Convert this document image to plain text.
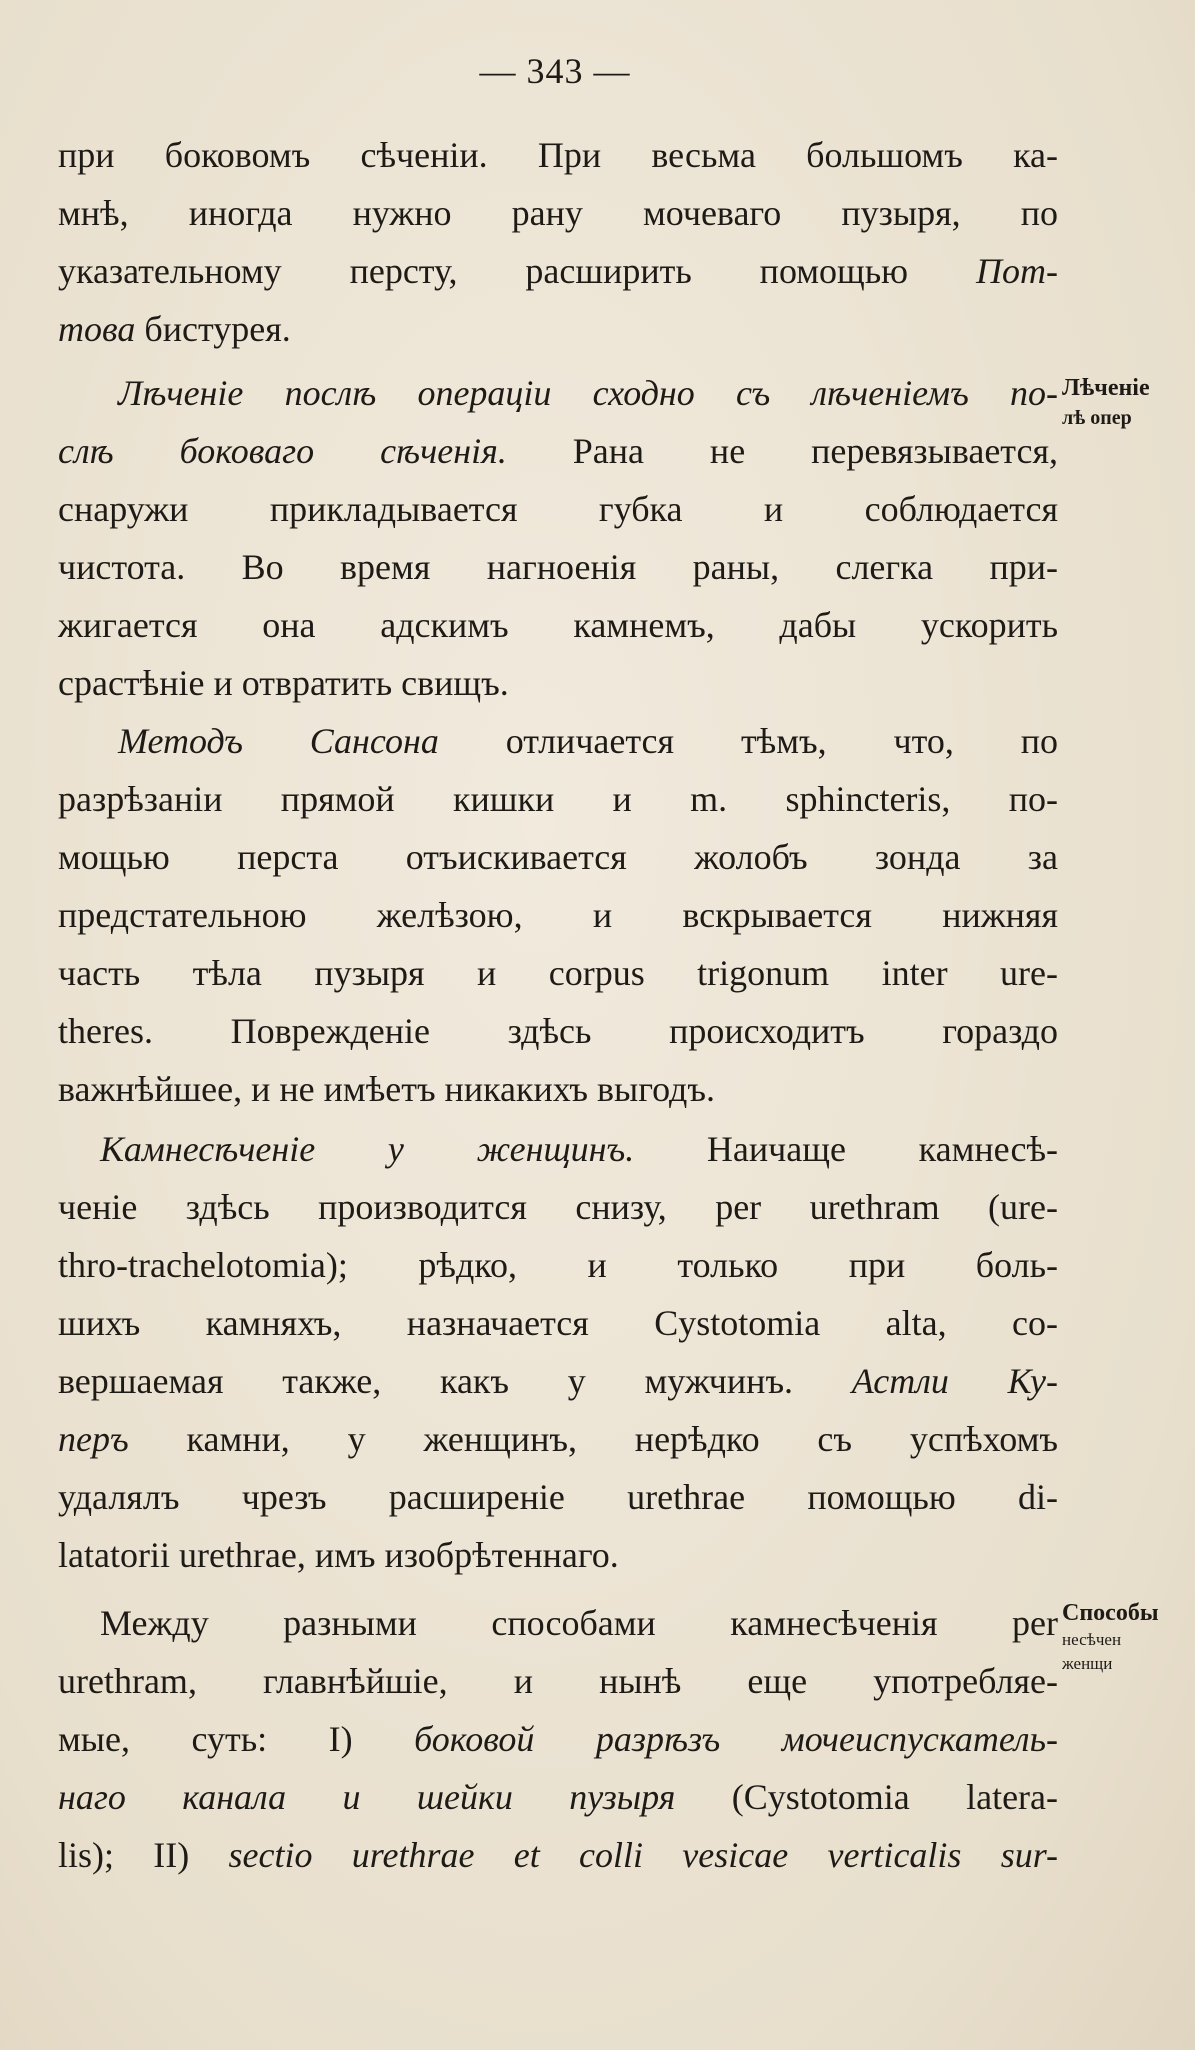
— 343 —
при боковомъ сѣченіи. При весьма большомъ ка-
мнѣ, иногда нужно рану мочеваго пузыря, по
указательному персту, расширить помощью Пот-
това бистурея.
Лѣченіе послѣ операціи сходно съ лѣченіемъ по-
слѣ боковаго сѣченія. Рана не перевязывается,
снаружи прикладывается губка и соблюдается
чистота. Во время нагноенія раны, слегка при-
жигается она адскимъ камнемъ, дабы ускорить
срастѣніе и отвратить свищъ.
Методъ Сансона отличается тѣмъ, что, по
разрѣзаніи прямой кишки и m. sphincteris, по-
мощью перста отъискивается жолобъ зонда за
предстательною желѣзою, и вскрывается нижняя
часть тѣла пузыря и corpus trigonum inter ure-
theres. Поврежденіе здѣсь происходитъ гораздо
важнѣйшее, и не имѣетъ никакихъ выгодъ.
Камнесѣченіе у женщинъ. Наичаще камнесѣ-
ченіе здѣсь производится снизу, per urethram (ure-
thro-trachelotomia); рѣдко, и только при боль-
шихъ камняхъ, назначается Cystotomia alta, со-
вершаемая также, какъ у мужчинъ. Астли Ку-
перъ камни, у женщинъ, нерѣдко съ успѣхомъ
удалялъ чрезъ расширеніе urethrae помощью di-
latatorii urethrae, имъ изобрѣтеннаго.
Между разными способами камнесѣченія per
urethram, главнѣйшіе, и нынѣ еще употребляе-
мые, суть: I) боковой разрѣзъ мочеиспускатель-
наго канала и шейки пузыря (Cystotomia latera-
lis); II) sectio urethrae et colli vesicae verticalis sur-
Лѣченіе
лѣ опер
Способы
несѣчен
женщи
